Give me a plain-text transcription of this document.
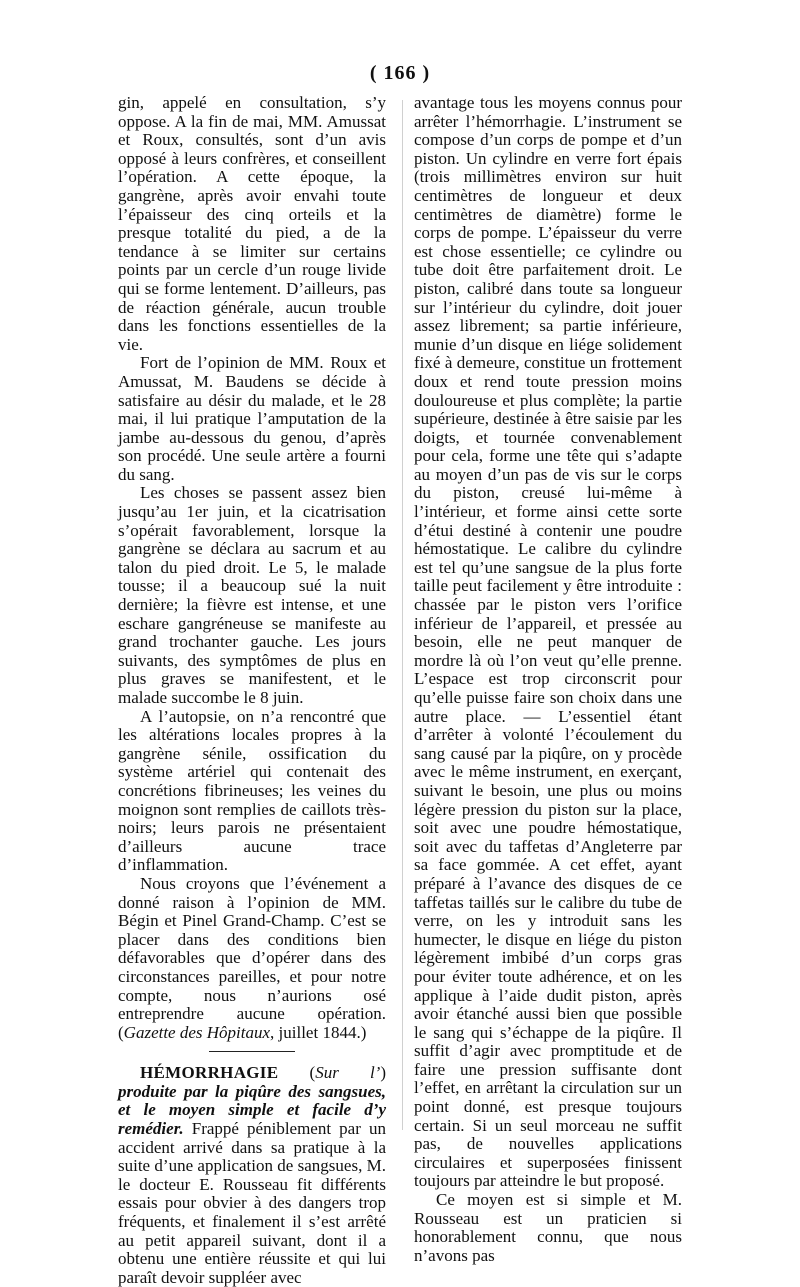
( 166 )

gin, appelé en consultation, s’y oppose. A la fin de mai, MM. Amussat et Roux, consultés, sont d’un avis opposé à leurs confrères, et conseillent l’opération. A cette époque, la gangrène, après avoir envahi toute l’épaisseur des cinq orteils et la presque totalité du pied, a de la tendance à se limiter sur certains points par un cercle d’un rouge livide qui se forme lentement. D’ailleurs, pas de réaction générale, aucun trouble dans les fonctions essentielles de la vie.

Fort de l’opinion de MM. Roux et Amussat, M. Baudens se décide à satisfaire au désir du malade, et le 28 mai, il lui pratique l’amputation de la jambe au-dessous du genou, d’après son procédé. Une seule artère a fourni du sang.

Les choses se passent assez bien jusqu’au 1er juin, et la cicatrisation s’opérait favorablement, lorsque la gangrène se déclara au sacrum et au talon du pied droit. Le 5, le malade tousse; il a beaucoup sué la nuit dernière; la fièvre est intense, et une eschare gangréneuse se manifeste au grand trochanter gauche. Les jours suivants, des symptômes de plus en plus graves se manifestent, et le malade succombe le 8 juin.

A l’autopsie, on n’a rencontré que les altérations locales propres à la gangrène sénile, ossification du système artériel qui contenait des concrétions fibrineuses; les veines du moignon sont remplies de caillots très-noirs; leurs parois ne présentaient d’ailleurs aucune trace d’inflammation.

Nous croyons que l’événement a donné raison à l’opinion de MM. Bégin et Pinel Grand-Champ. C’est se placer dans des conditions bien défavorables que d’opérer dans des circonstances pareilles, et pour notre compte, nous n’aurions osé entreprendre aucune opération. (Gazette des Hôpitaux, juillet 1844.)

HÉMORRHAGIE (Sur l’) produite par la piqûre des sangsues, et le moyen simple et facile d’y remédier. Frappé péniblement par un accident arrivé dans sa pratique à la suite d’une application de sangsues, M. le docteur E. Rousseau fit différents essais pour obvier à des dangers trop fréquents, et finalement il s’est arrêté au petit appareil suivant, dont il a obtenu une entière réussite et qui lui paraît devoir suppléer avec

avantage tous les moyens connus pour arrêter l’hémorrhagie. L’instrument se compose d’un corps de pompe et d’un piston. Un cylindre en verre fort épais (trois millimètres environ sur huit centimètres de longueur et deux centimètres de diamètre) forme le corps de pompe. L’épaisseur du verre est chose essentielle; ce cylindre ou tube doit être parfaitement droit. Le piston, calibré dans toute sa longueur sur l’intérieur du cylindre, doit jouer assez librement; sa partie inférieure, munie d’un disque en liége solidement fixé à demeure, constitue un frottement doux et rend toute pression moins douloureuse et plus complète; la partie supérieure, destinée à être saisie par les doigts, et tournée convenablement pour cela, forme une tête qui s’adapte au moyen d’un pas de vis sur le corps du piston, creusé lui-même à l’intérieur, et forme ainsi cette sorte d’étui destiné à contenir une poudre hémostatique. Le calibre du cylindre est tel qu’une sangsue de la plus forte taille peut facilement y être introduite : chassée par le piston vers l’orifice inférieur de l’appareil, et pressée au besoin, elle ne peut manquer de mordre là où l’on veut qu’elle prenne. L’espace est trop circonscrit pour qu’elle puisse faire son choix dans une autre place. — L’essentiel étant d’arrêter à volonté l’écoulement du sang causé par la piqûre, on y procède avec le même instrument, en exerçant, suivant le besoin, une plus ou moins légère pression du piston sur la place, soit avec une poudre hémostatique, soit avec du taffetas d’Angleterre par sa face gommée. A cet effet, ayant préparé à l’avance des disques de ce taffetas taillés sur le calibre du tube de verre, on les y introduit sans les humecter, le disque en liége du piston légèrement imbibé d’un corps gras pour éviter toute adhérence, et on les applique à l’aide dudit piston, après avoir étanché aussi bien que possible le sang qui s’échappe de la piqûre. Il suffit d’agir avec promptitude et de faire une pression suffisante dont l’effet, en arrêtant la circulation sur un point donné, est presque toujours certain. Si un seul morceau ne suffit pas, de nouvelles applications circulaires et superposées finissent toujours par atteindre le but proposé.

Ce moyen est si simple et M. Rousseau est un praticien si honorablement connu, que nous n’avons pas
